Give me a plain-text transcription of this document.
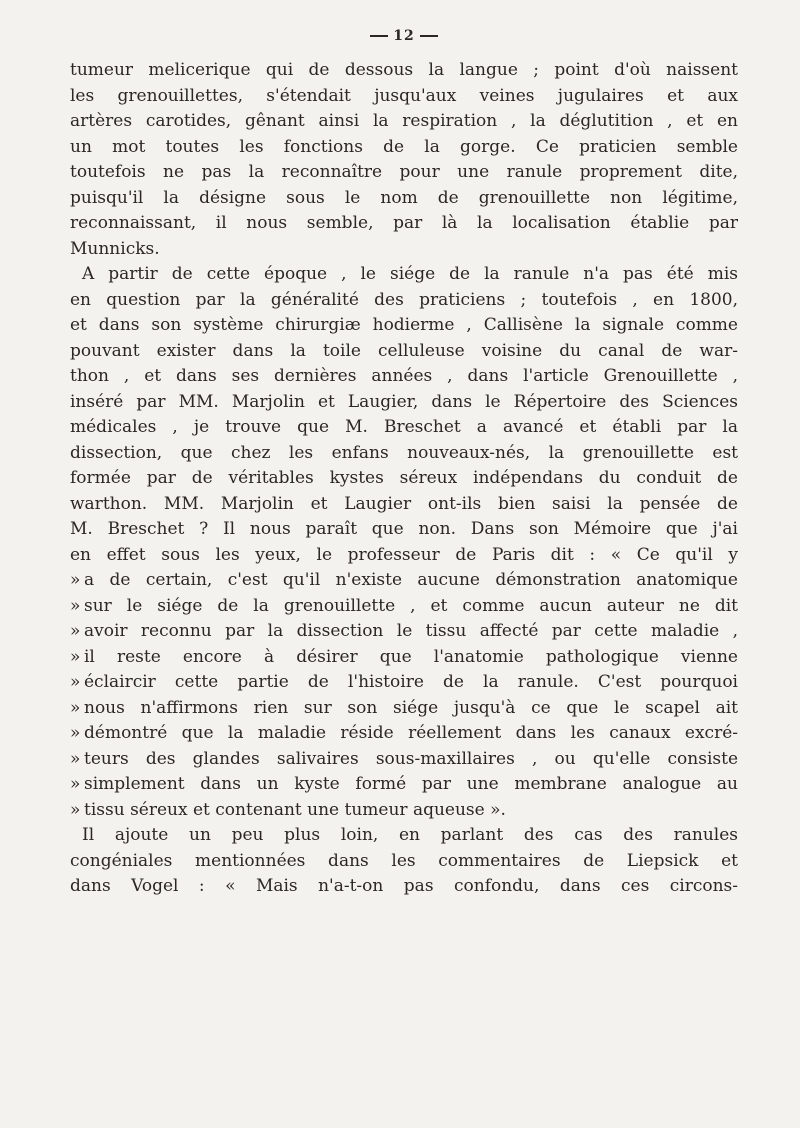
12

tumeur melicerique qui de dessous la langue ; point d'où naissent
les grenouillettes, s'étendait jusqu'aux veines jugulaires et aux
artères carotides, gênant ainsi la respiration , la déglutition , et en
un mot toutes les fonctions de la gorge. Ce praticien semble
toutefois ne pas la reconnaître pour une ranule proprement dite,
puisqu'il la désigne sous le nom de grenouillette non légitime,
reconnaissant, il nous semble, par là la localisation établie par
Munnicks.

A partir de cette époque , le siége de la ranule n'a pas été mis
en question par la généralité des praticiens ; toutefois , en 1800,
et dans son système chirurgiæ hodierme , Callisène la signale comme
pouvant exister dans la toile celluleuse voisine du canal de war-
thon , et dans ses dernières années , dans l'article Grenouillette ,
inséré par MM. Marjolin et Laugier, dans le Répertoire des Sciences
médicales , je trouve que M. Breschet a avancé et établi par la
dissection, que chez les enfans nouveaux-nés, la grenouillette est
formée par de véritables kystes séreux indépendans du conduit de
warthon. MM. Marjolin et Laugier ont-ils bien saisi la pensée de
M. Breschet ? Il nous paraît que non. Dans son Mémoire que j'ai
en effet sous les yeux, le professeur de Paris dit : « Ce qu'il y
» a de certain, c'est qu'il n'existe aucune démonstration anatomique
» sur le siége de la grenouillette , et comme aucun auteur ne dit
» avoir reconnu par la dissection le tissu affecté par cette maladie ,
» il reste encore à désirer que l'anatomie pathologique vienne
» éclaircir cette partie de l'histoire de la ranule. C'est pourquoi
» nous n'affirmons rien sur son siége jusqu'à ce que le scapel ait
» démontré que la maladie réside réellement dans les canaux excré-
» teurs des glandes salivaires sous-maxillaires , ou qu'elle consiste
» simplement dans un kyste formé par une membrane analogue au
» tissu séreux et contenant une tumeur aqueuse ».

Il ajoute un peu plus loin, en parlant des cas des ranules
congéniales mentionnées dans les commentaires de Liepsick et
dans Vogel : « Mais n'a-t-on pas confondu, dans ces circons-
